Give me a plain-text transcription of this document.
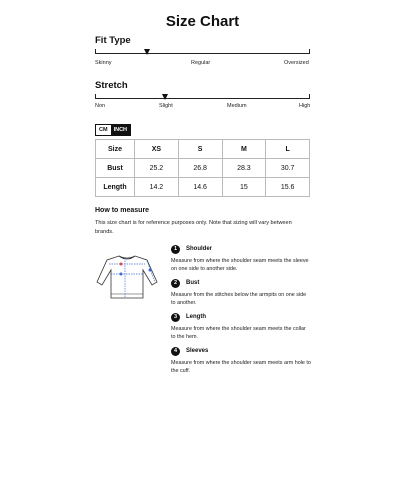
Size Chart
Fit Type
Skinny	Regular	Oversized
Stretch
Non	Slight	Medium	High
CM	INCH
Size	XS	S	M	L
Bust	25.2	26.8	28.3	30.7
Length	14.2	14.6	15	15.6
How to measure
This size chart is for reference purposes only. Note that sizing will vary between brands.
1	Shoulder
Measure from where the shoulder seam meets the sleeve on one side to another side.
2	Bust
Measure from the stitches below the armpits on one side to another.
3	Length
Measure from where the shoulder seam meets the collar to the hem.
4	Sleeves
Measure from where the shoulder seam meets arm hole to the cuff.
